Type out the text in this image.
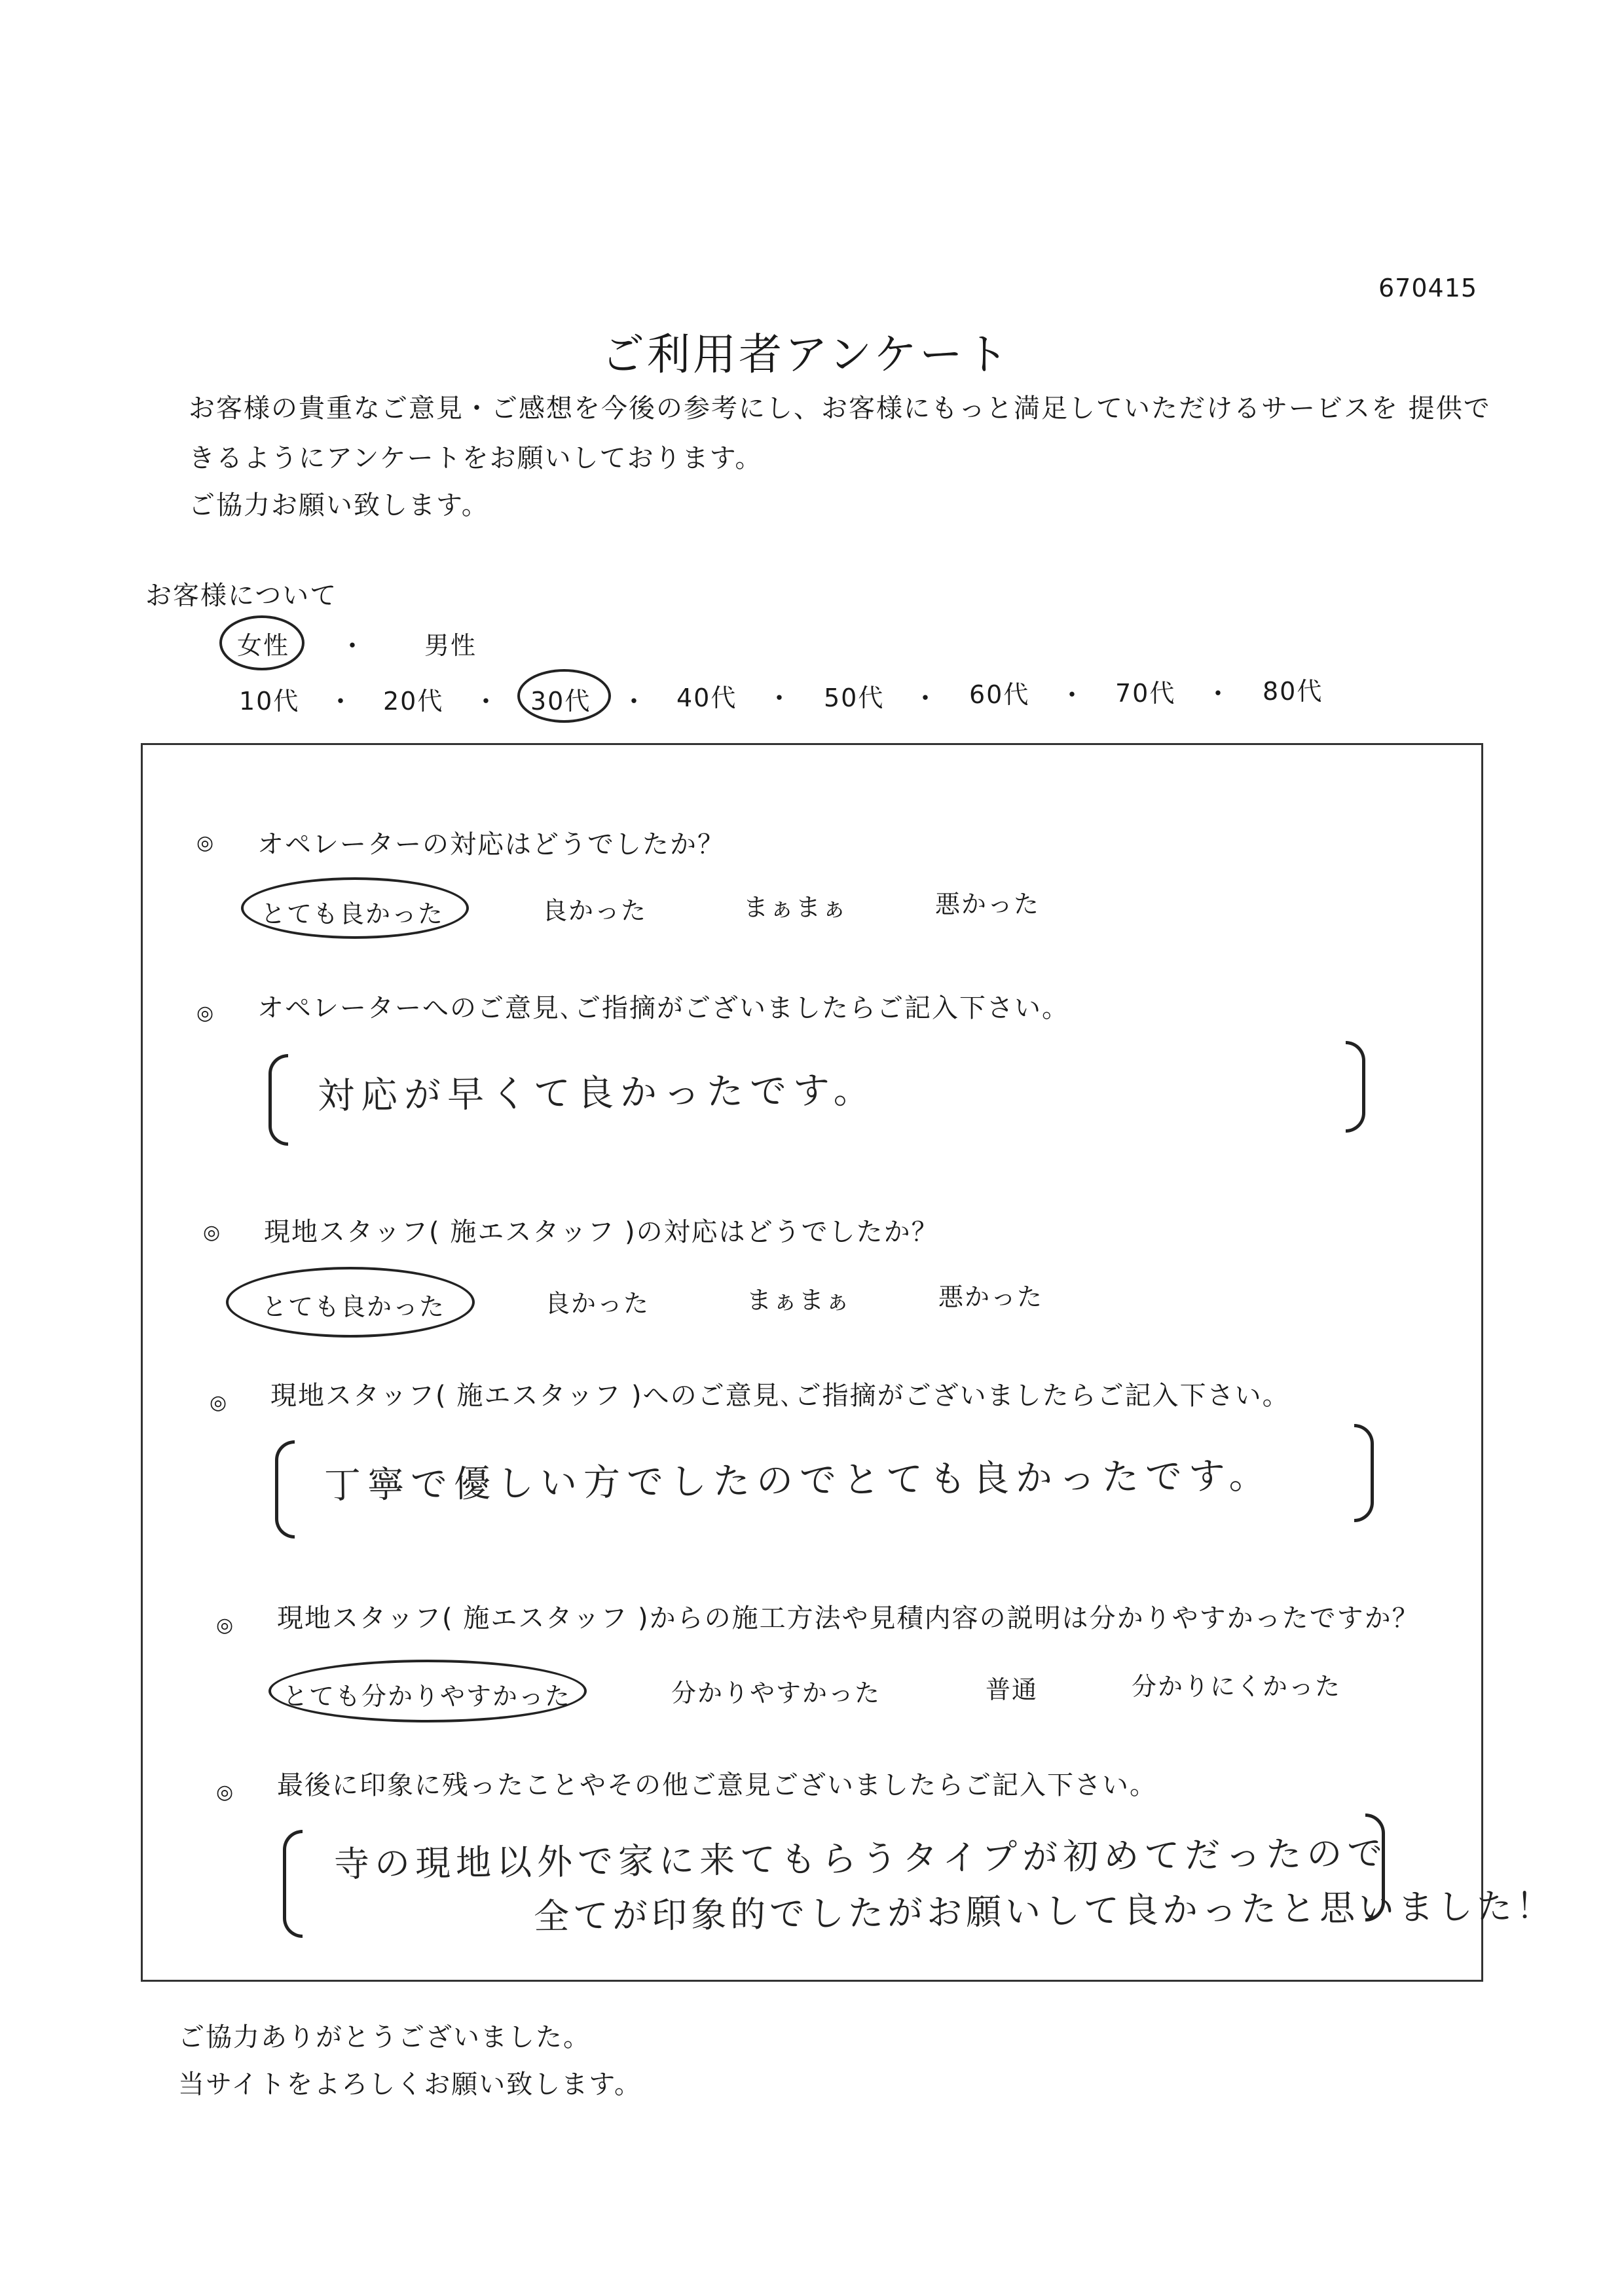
670415
ご利用者アンケート
お客様の貴重なご意見・ご感想を今後の参考にし、お客様にもっと満足していただけるサービスを 提供で
きるようにアンケートをお願いしております。
ご協力お願い致します。
お客様について
女性 ・ 男性
10代 ・ 20代 ・ 30代 ・ 40代 ・ 50代 ・ 60代 ・ 70代 ・ 80代
◎ オペレーターの対応はどうでしたか？
とても良かった	良かった	まぁまぁ	悪かった
◎ オペレーターへのご意見､ご指摘がございましたらご記入下さい。
対応が早くて良かったです。
◎ 現地スタッフ( 施エスタッフ )の対応はどうでしたか？
とても良かった	良かった	まぁまぁ	悪かった
◎ 現地スタッフ( 施エスタッフ )へのご意見､ご指摘がございましたらご記入下さい。
丁寧で優しい方でしたのでとても良かったです。
◎ 現地スタッフ( 施エスタッフ )からの施工方法や見積内容の説明は分かりやすかったですか？
とても分かりやすかった	分かりやすかった	普通	分かりにくかった
◎ 最後に印象に残ったことやその他ご意見ございましたらご記入下さい。
寺の現地以外で家に来てもらうタイプが初めてだったので
全てが印象的でしたがお願いして良かったと思いました！
ご協力ありがとうございました。
当サイトをよろしくお願い致します。
